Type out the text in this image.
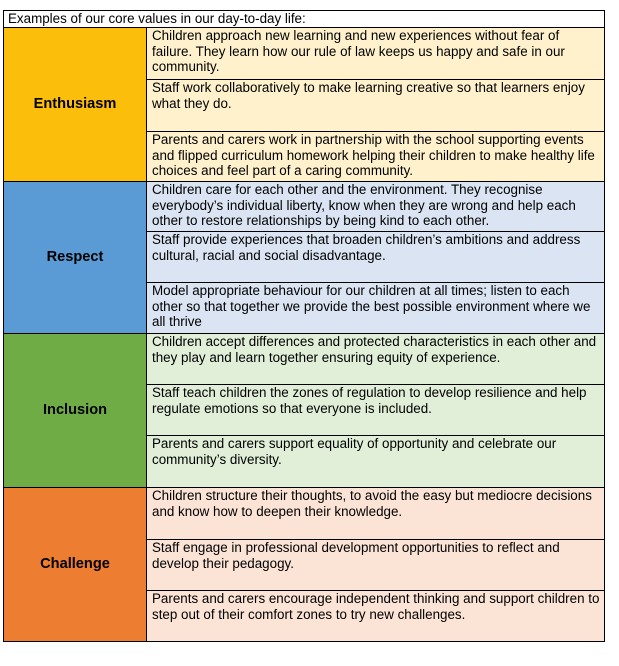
Examples of our core values in our day-to-day life:	
Enthusiasm	Children approach new learning and new experiences without fear of failure. They learn how our rule of law keeps us happy and safe in our community.
	Staff work collaboratively to make learning creative so that learners enjoy what they do.
	Parents and carers work in partnership with the school supporting events and flipped curriculum homework helping their children to make healthy life choices and feel part of a caring community.
Respect	Children care for each other and the environment. They recognise everybody’s individual liberty, know when they are wrong and help each other to restore relationships by being kind to each other.
	Staff provide experiences that broaden children’s ambitions and address cultural, racial and social disadvantage.
	Model appropriate behaviour for our children at all times; listen to each other so that together we provide the best possible environment where we all thrive
Inclusion	Children accept differences and protected characteristics in each other and they play and learn together ensuring equity of experience.
	Staff teach children the zones of regulation to develop resilience and help regulate emotions so that everyone is included.
	Parents and carers support equality of opportunity and celebrate our community’s diversity.
Challenge	Children structure their thoughts, to avoid the easy but mediocre decisions and know how to deepen their knowledge.
	Staff engage in professional development opportunities to reflect and develop their pedagogy.
	Parents and carers encourage independent thinking and support children to step out of their comfort zones to try new challenges.
